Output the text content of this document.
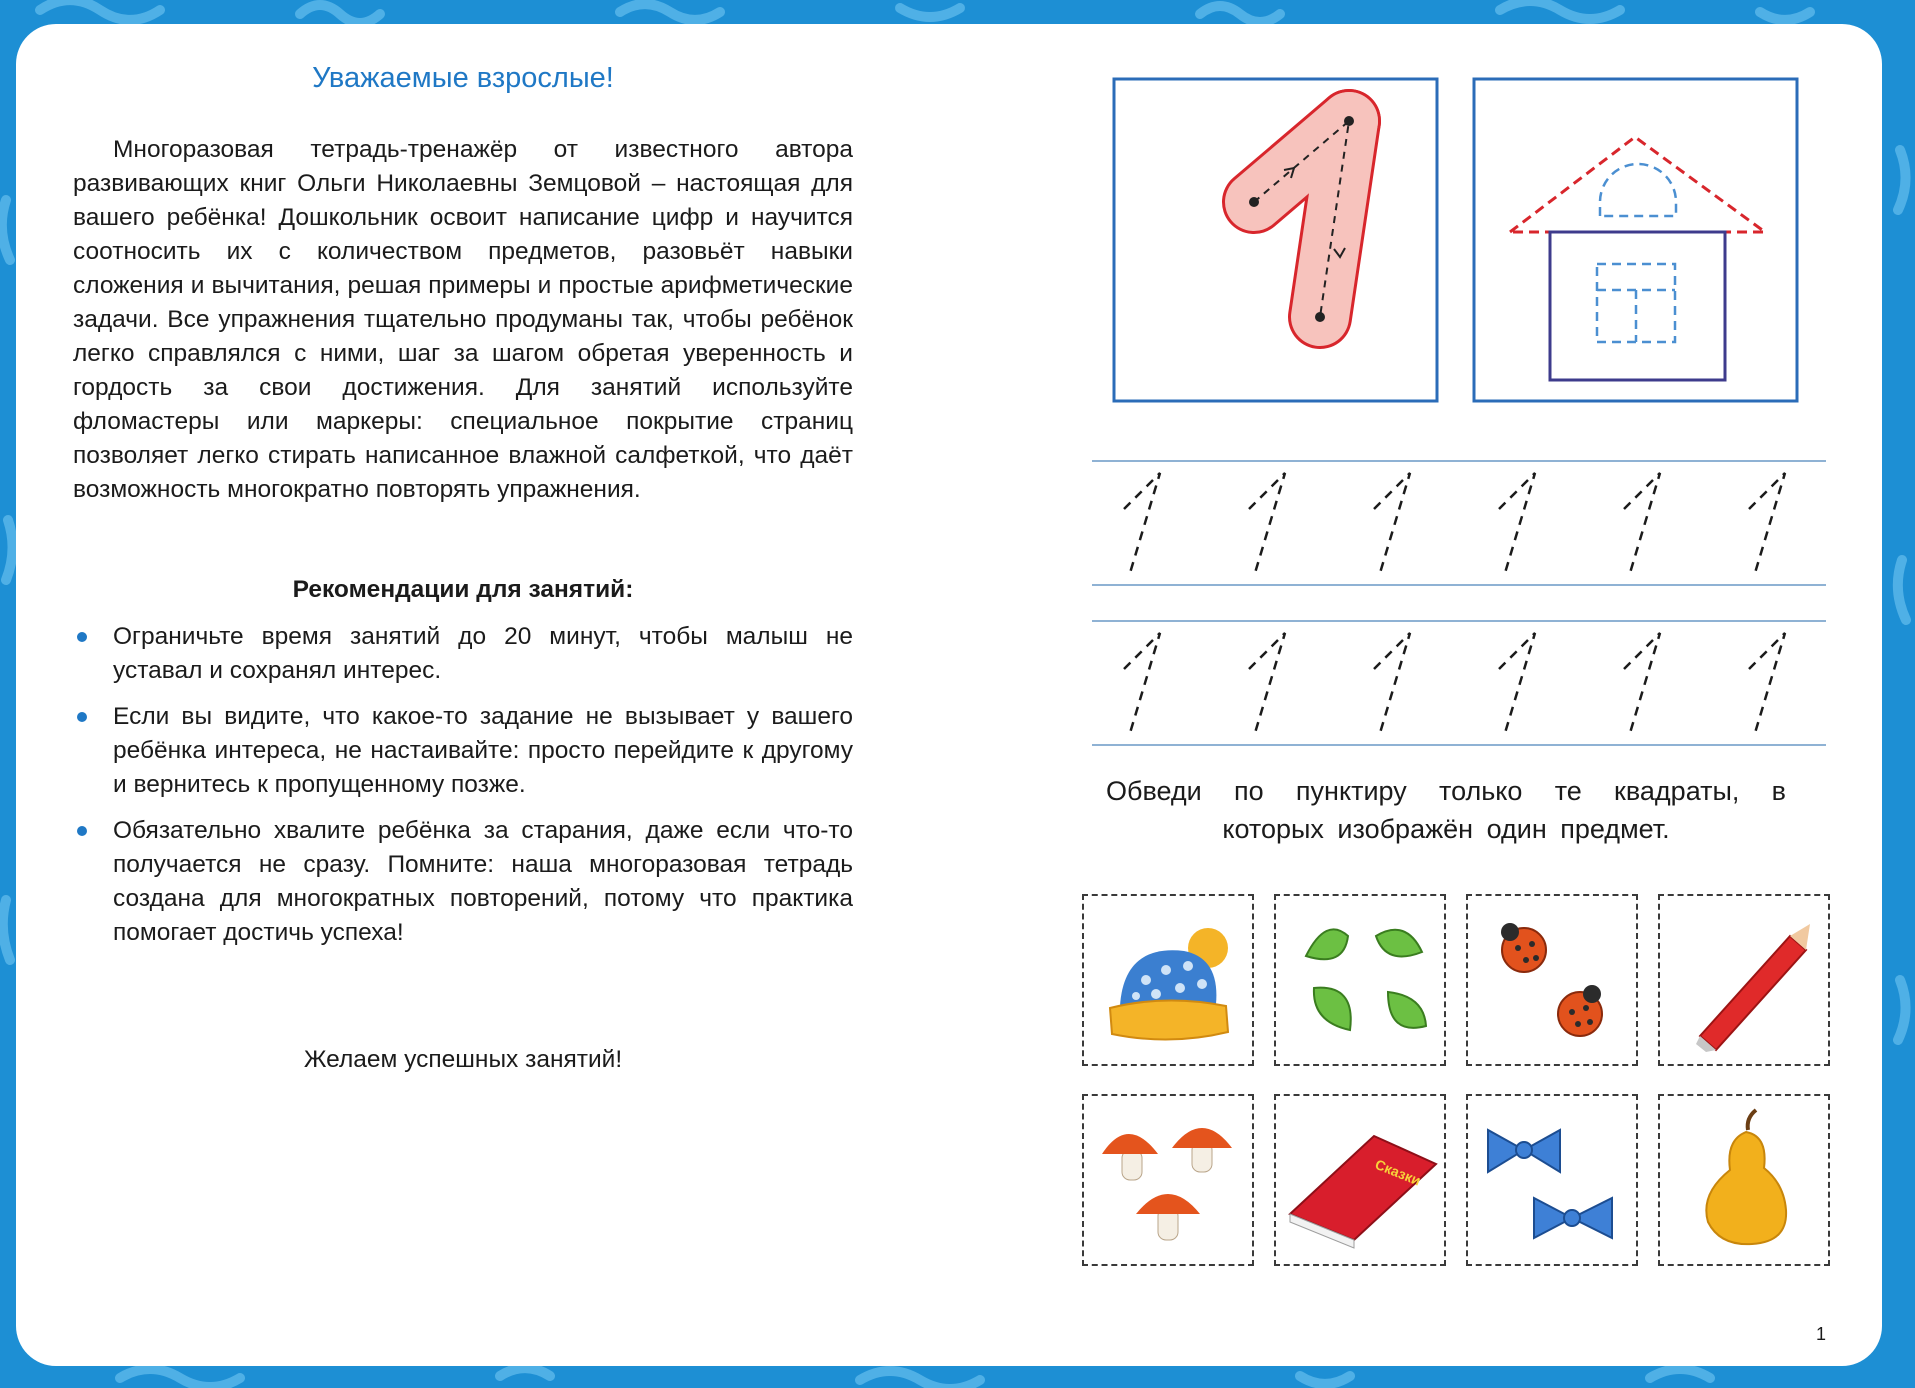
Уважаемые взрослые!

Многоразовая тетрадь-тренажёр от известного автора развивающих книг Ольги Николаевны Земцовой – настоящая для вашего ребёнка! Дошкольник освоит написание цифр и научится соотносить их с количеством предметов, разовьёт навыки сложения и вычитания, решая примеры и простые арифметические задачи. Все упражнения тщательно продуманы так, чтобы ребёнок легко справлялся с ними, шаг за шагом обретая уверенность и гордость за свои достижения. Для занятий используйте фломастеры или маркеры: специальное покрытие страниц позволяет легко стирать написанное влажной салфеткой, что даёт возможность многократно повторять упражнения.

Рекомендации для занятий:
Ограничьте время занятий до 20 минут, чтобы малыш не уставал и сохранял интерес.
Если вы видите, что какое-то задание не вызывает у вашего ребёнка интереса, не настаивайте: просто перейдите к другому и вернитесь к пропущенному позже.
Обязательно хвалите ребёнка за старания, даже если что-то получается не сразу. Помните: наша многоразовая тетрадь создана для многократных повторений, потому что практика помогает достичь успеха!
Желаем успешных занятий!
Обведи по пунктиру только те квадраты, в которых изображён один предмет.
Сказки
1
